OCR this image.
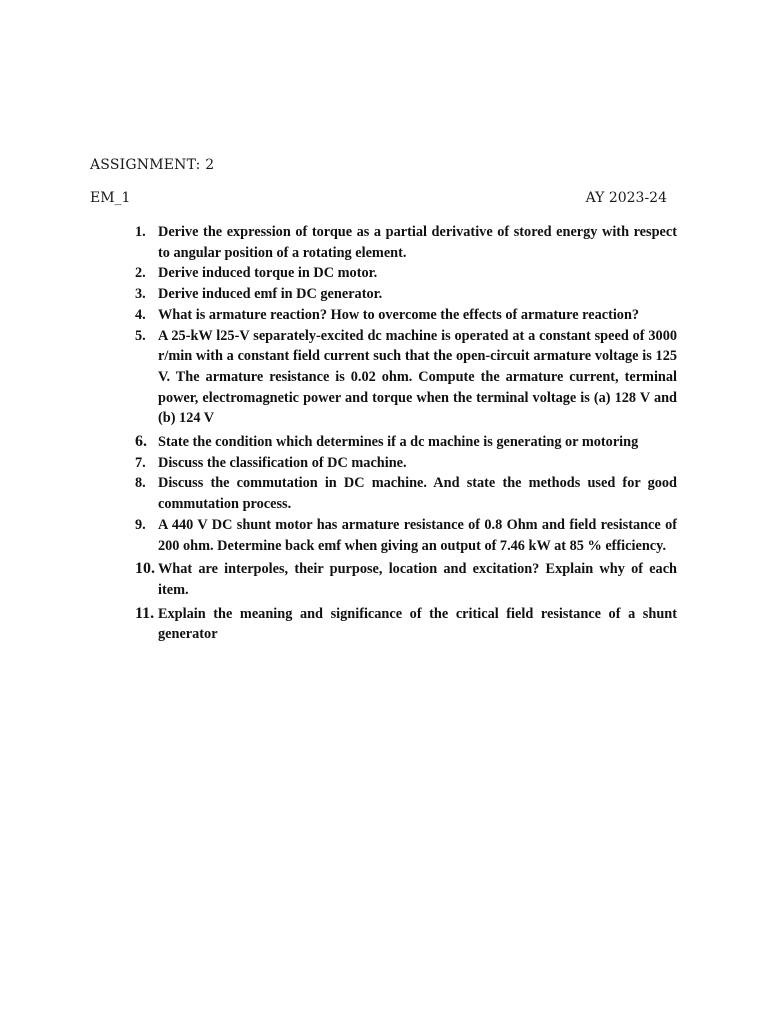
ASSIGNMENT: 2
EM_1	AY 2023-24
1. Derive the expression of torque as a partial derivative of stored energy with respect to angular position of a rotating element.
2. Derive induced torque in DC motor.
3. Derive induced emf in DC generator.
4. What is armature reaction? How to overcome the effects of armature reaction?
5. A 25-kW l25-V separately-excited dc machine is operated at a constant speed of 3000 r/min with a constant field current such that the open-circuit armature voltage is 125 V. The armature resistance is 0.02 ohm. Compute the armature current, terminal power, electromagnetic power and torque when the terminal voltage is (a) 128 V and (b) 124 V
6. State the condition which determines if a dc machine is generating or motoring
7. Discuss the classification of DC machine.
8. Discuss the commutation in DC machine. And state the methods used for good commutation process.
9. A 440 V DC shunt motor has armature resistance of 0.8 Ohm and field resistance of 200 ohm. Determine back emf when giving an output of 7.46 kW at 85 % efficiency.
10. What are interpoles, their purpose, location and excitation? Explain why of each item.
11. Explain the meaning and significance of the critical field resistance of a shunt generator
